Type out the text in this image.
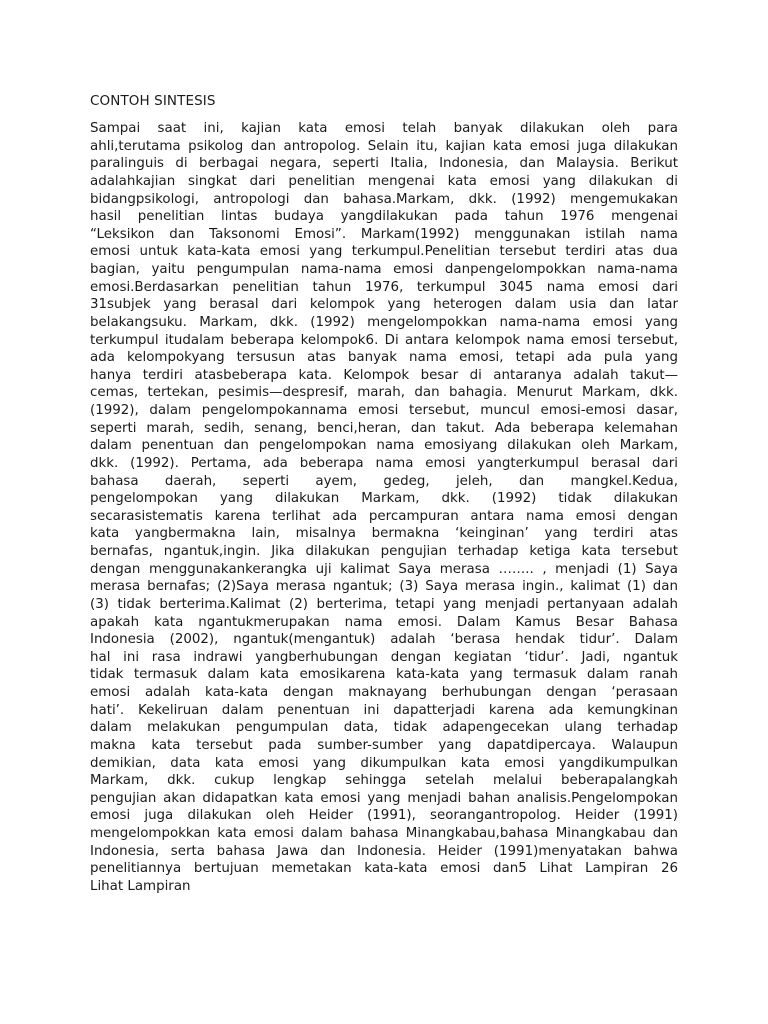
CONTOH SINTESIS
Sampai saat ini, kajian kata emosi telah banyak dilakukan oleh para
ahli,terutama psikolog dan antropolog. Selain itu, kajian kata emosi juga dilakukan
paralinguis di berbagai negara, seperti Italia, Indonesia, dan Malaysia. Berikut
adalahkajian singkat dari penelitian mengenai kata emosi yang dilakukan di
bidangpsikologi, antropologi dan bahasa.Markam, dkk. (1992) mengemukakan
hasil penelitian lintas budaya yangdilakukan pada tahun 1976 mengenai
“Leksikon dan Taksonomi Emosi”. Markam(1992) menggunakan istilah nama
emosi untuk kata-kata emosi yang terkumpul.Penelitian tersebut terdiri atas dua
bagian, yaitu pengumpulan nama-nama emosi danpengelompokkan nama-nama
emosi.Berdasarkan penelitian tahun 1976, terkumpul 3045 nama emosi dari
31subjek yang berasal dari kelompok yang heterogen dalam usia dan latar
belakangsuku. Markam, dkk. (1992) mengelompokkan nama-nama emosi yang
terkumpul itudalam beberapa kelompok6. Di antara kelompok nama emosi tersebut,
ada kelompokyang tersusun atas banyak nama emosi, tetapi ada pula yang
hanya terdiri atasbeberapa kata. Kelompok besar di antaranya adalah takut—
cemas, tertekan, pesimis—despresif, marah, dan bahagia. Menurut Markam, dkk.
(1992), dalam pengelompokannama emosi tersebut, muncul emosi-emosi dasar,
seperti marah, sedih, senang, benci,heran, dan takut. Ada beberapa kelemahan
dalam penentuan dan pengelompokan nama emosiyang dilakukan oleh Markam,
dkk. (1992). Pertama, ada beberapa nama emosi yangterkumpul berasal dari
bahasa daerah, seperti ayem, gedeg, jeleh, dan mangkel.Kedua,
pengelompokan yang dilakukan Markam, dkk. (1992) tidak dilakukan
secarasistematis karena terlihat ada percampuran antara nama emosi dengan
kata yangbermakna lain, misalnya bermakna ‘keinginan’ yang terdiri atas
bernafas, ngantuk,ingin. Jika dilakukan pengujian terhadap ketiga kata tersebut
dengan menggunakankerangka uji kalimat Saya merasa …….. , menjadi (1) Saya
merasa bernafas; (2)Saya merasa ngantuk; (3) Saya merasa ingin., kalimat (1) dan
(3) tidak berterima.Kalimat (2) berterima, tetapi yang menjadi pertanyaan adalah
apakah kata ngantukmerupakan nama emosi. Dalam Kamus Besar Bahasa
Indonesia (2002), ngantuk(mengantuk) adalah ‘berasa hendak tidur’. Dalam
hal ini rasa indrawi yangberhubungan dengan kegiatan ‘tidur’. Jadi, ngantuk
tidak termasuk dalam kata emosikarena kata-kata yang termasuk dalam ranah
emosi adalah kata-kata dengan maknayang berhubungan dengan ‘perasaan
hati’. Kekeliruan dalam penentuan ini dapatterjadi karena ada kemungkinan
dalam melakukan pengumpulan data, tidak adapengecekan ulang terhadap
makna kata tersebut pada sumber-sumber yang dapatdipercaya. Walaupun
demikian, data kata emosi yang dikumpulkan kata emosi yangdikumpulkan
Markam, dkk. cukup lengkap sehingga setelah melalui beberapalangkah
pengujian akan didapatkan kata emosi yang menjadi bahan analisis.Pengelompokan
emosi juga dilakukan oleh Heider (1991), seorangantropolog. Heider (1991)
mengelompokkan kata emosi dalam bahasa Minangkabau,bahasa Minangkabau dan
Indonesia, serta bahasa Jawa dan Indonesia. Heider (1991)menyatakan bahwa
penelitiannya bertujuan memetakan kata-kata emosi dan5 Lihat Lampiran 26
Lihat Lampiran
